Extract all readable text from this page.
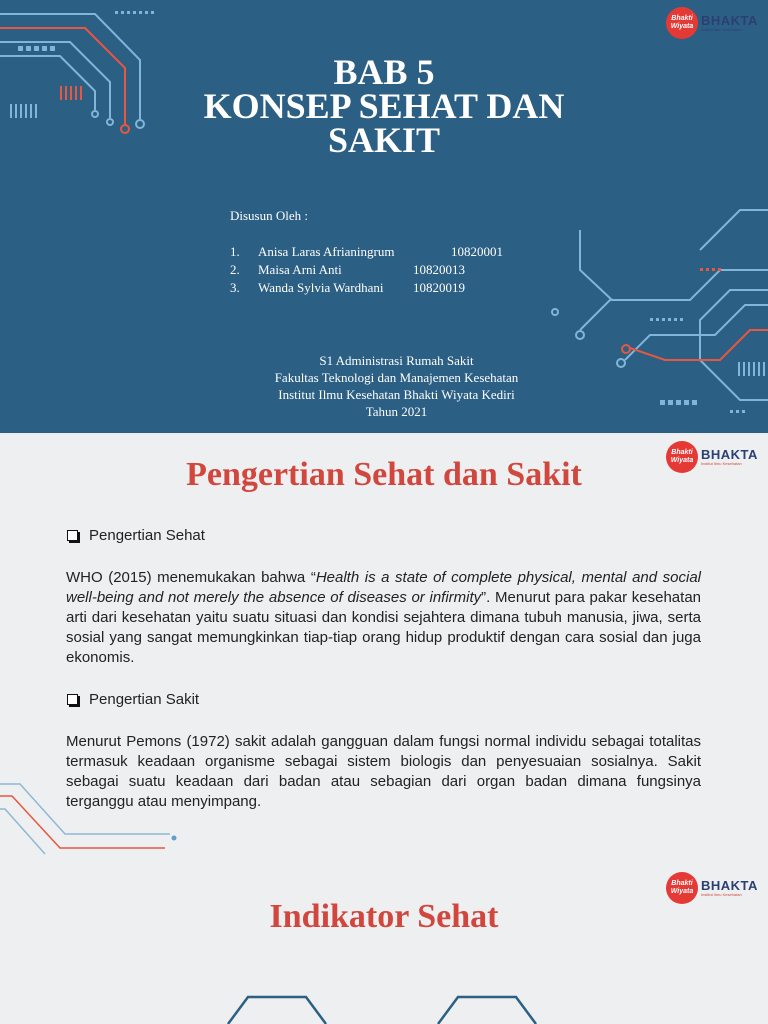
Bhakti
Wiyata BHAKTA
Institut Ilmu Kesehatan
BAB 5
KONSEP SEHAT DAN
SAKIT
Disusun Oleh :
1. Anisa Laras Afrianingrum	10820001
2. Maisa Arni Anti	10820013
3. Wanda Sylvia Wardhani 10820019
S1 Administrasi Rumah Sakit
Fakultas Teknologi dan Manajemen Kesehatan
Institut Ilmu Kesehatan Bhakti Wiyata Kediri
Tahun 2021
Bhakti
Wiyata BHAKTA
Institut Ilmu Kesehatan
Pengertian Sehat dan Sakit
Pengertian Sehat

WHO (2015) menemukakan bahwa “Health is a state of complete physical, mental and social well-being and not merely the absence of diseases or infirmity”. Menurut para pakar kesehatan arti dari kesehatan yaitu suatu situasi dan kondisi sejahtera dimana tubuh manusia, jiwa, serta sosial yang sangat memungkinkan tiap-tiap orang hidup produktif dengan cara sosial dan juga ekonomis.

Pengertian Sakit

Menurut Pemons (1972) sakit adalah gangguan dalam fungsi normal individu sebagai totalitas termasuk keadaan organisme sebagai sistem biologis dan penyesuaian sosialnya. Sakit sebagai suatu keadaan dari badan atau sebagian dari organ badan dimana fungsinya terganggu atau menyimpang.

Bhakti
Wiyata BHAKTA
Institut Ilmu Kesehatan
Indikator Sehat
